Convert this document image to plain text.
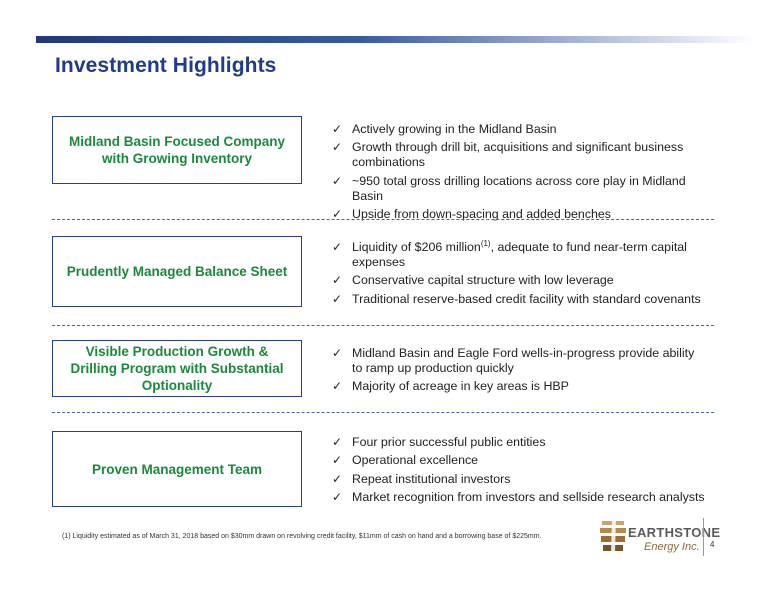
Investment Highlights
Midland Basin Focused Company with Growing Inventory
✓ Actively growing in the Midland Basin
✓ Growth through drill bit, acquisitions and significant business combinations
✓ ~950 total gross drilling locations across core play in Midland Basin
✓ Upside from down-spacing and added benches
Prudently Managed Balance Sheet
✓ Liquidity of $206 million$^{(1)}$, adequate to fund near-term capital expenses
✓ Conservative capital structure with low leverage
✓ Traditional reserve-based credit facility with standard covenants
Visible Production Growth & Drilling Program with Substantial Optionality
✓ Midland Basin and Eagle Ford wells-in-progress provide ability to ramp up production quickly
✓ Majority of acreage in key areas is HBP
Proven Management Team
✓ Four prior successful public entities
✓ Operational excellence
✓ Repeat institutional investors
✓ Market recognition from investors and sellside research analysts
(1) Liquidity estimated as of March 31, 2018 based on $30mm drawn on revolving credit facility, $11mm of cash on hand and a borrowing base of $225mm.	EARTHSTONE
Energy Inc. 4
